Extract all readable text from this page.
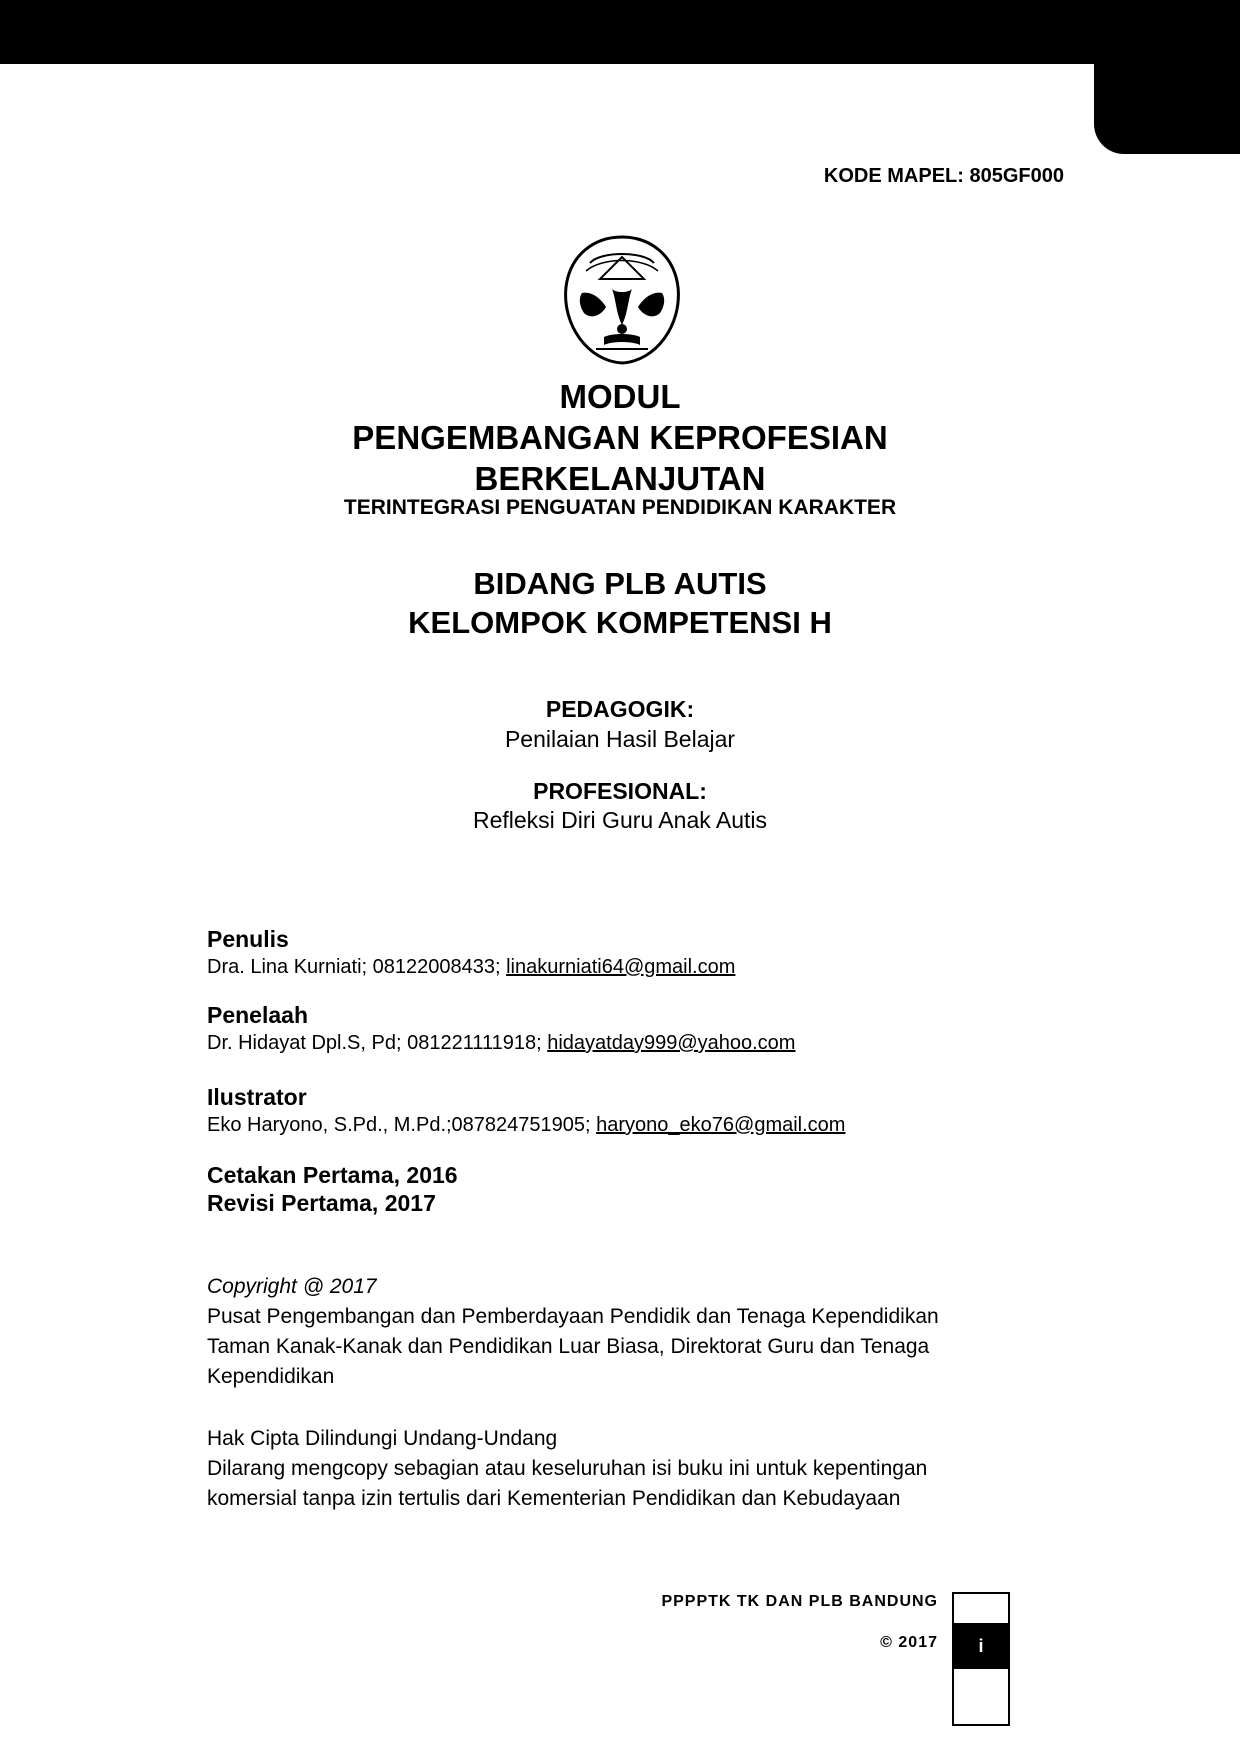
KODE MAPEL: 805GF000
MODUL
PENGEMBANGAN KEPROFESIAN
BERKELANJUTAN
TERINTEGRASI PENGUATAN PENDIDIKAN KARAKTER
BIDANG PLB AUTIS
KELOMPOK KOMPETENSI H
PEDAGOGIK:
Penilaian Hasil Belajar
PROFESIONAL:
Refleksi Diri Guru Anak Autis
Penulis
Dra. Lina Kurniati; 08122008433; linakurniati64@gmail.com
Penelaah
Dr. Hidayat Dpl.S, Pd; 081221111918; hidayatday999@yahoo.com
Ilustrator
Eko Haryono, S.Pd., M.Pd.;087824751905; haryono_eko76@gmail.com
Cetakan Pertama, 2016
Revisi Pertama, 2017
Copyright @ 2017
Pusat Pengembangan dan Pemberdayaan Pendidik dan Tenaga Kependidikan
Taman Kanak-Kanak dan Pendidikan Luar Biasa, Direktorat Guru dan Tenaga
Kependidikan
Hak Cipta Dilindungi Undang-Undang
Dilarang mengcopy sebagian atau keseluruhan isi buku ini untuk kepentingan
komersial tanpa izin tertulis dari Kementerian Pendidikan dan Kebudayaan
PPPPTK TK DAN PLB BANDUNG
© 2017	i
